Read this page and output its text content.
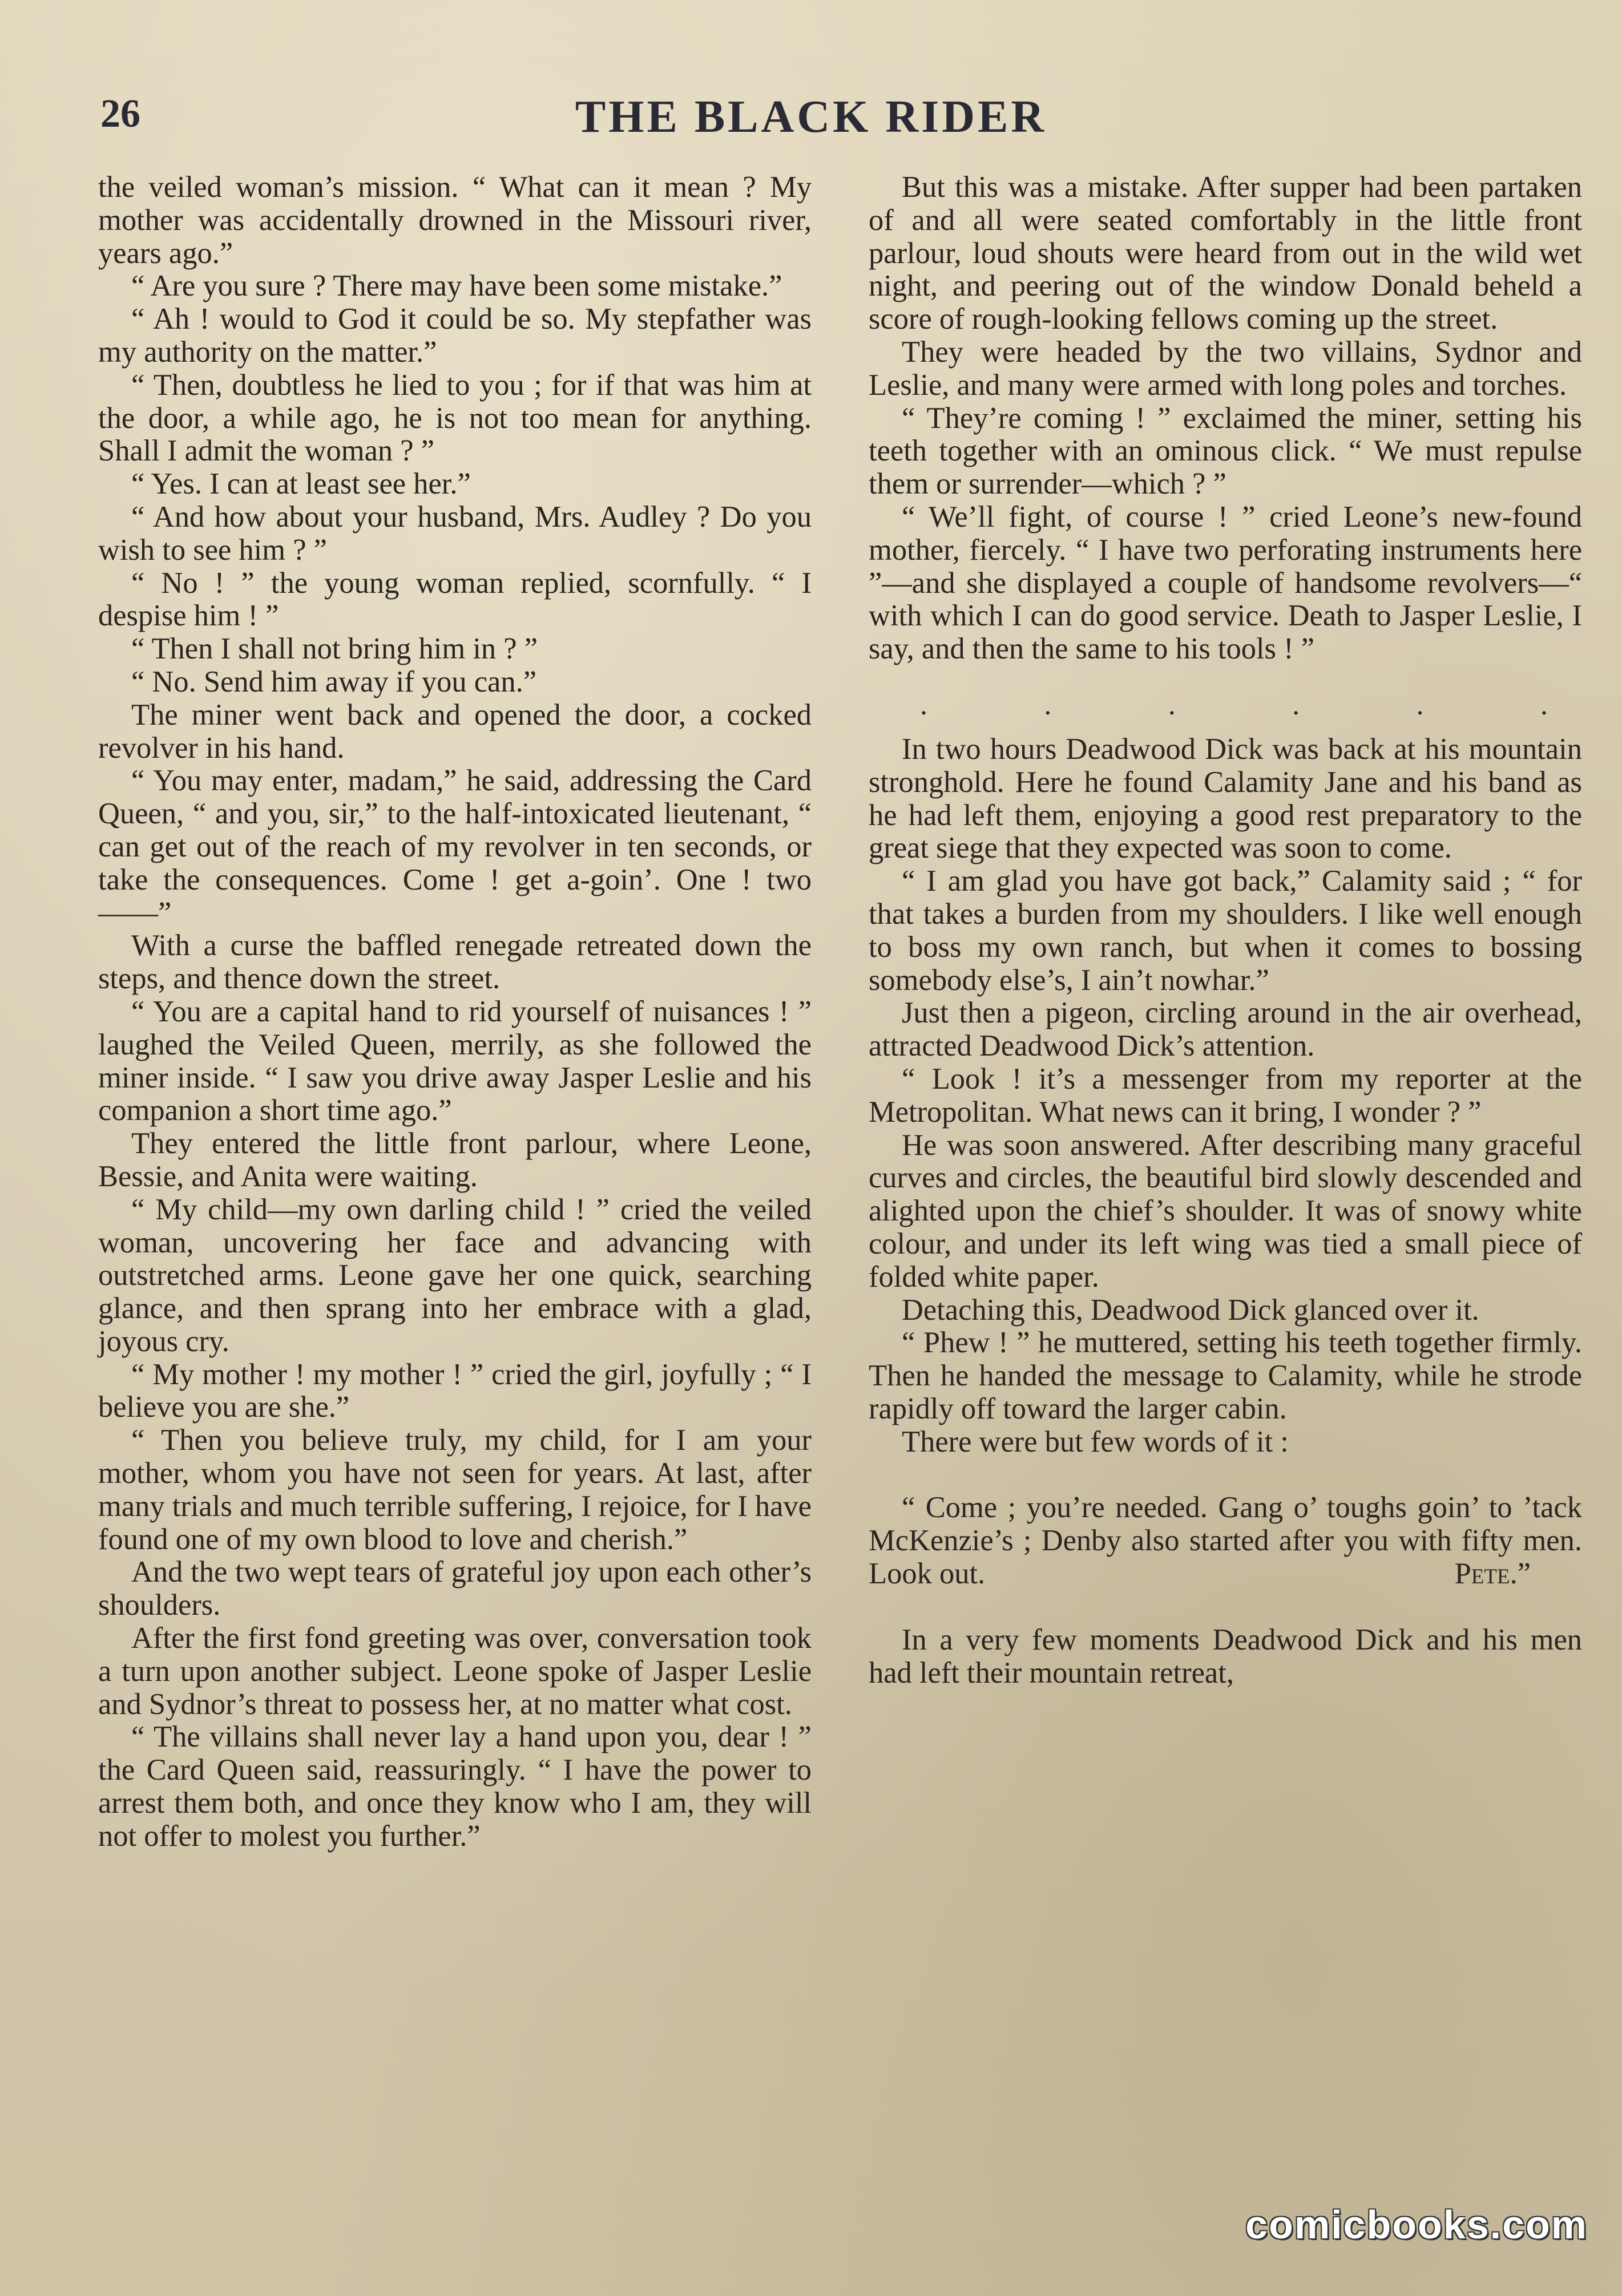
26	THE BLACK RIDER

the veiled woman’s mission. “ What can it mean ? My mother was accidentally drowned in the Missouri river, years ago.”

“ Are you sure ? There may have been some mistake.”

“ Ah ! would to God it could be so. My stepfather was my authority on the matter.”

“ Then, doubtless he lied to you ; for if that was him at the door, a while ago, he is not too mean for anything. Shall I admit the woman ? ”

“ Yes. I can at least see her.”

“ And how about your husband, Mrs. Audley ? Do you wish to see him ? ”

“ No ! ” the young woman replied, scornfully. “ I despise him ! ”

“ Then I shall not bring him in ? ”

“ No. Send him away if you can.”

The miner went back and opened the door, a cocked revolver in his hand.

“ You may enter, madam,” he said, addressing the Card Queen, “ and you, sir,” to the half-intoxicated lieutenant, “ can get out of the reach of my revolver in ten seconds, or take the consequences. Come ! get a-goin’. One ! two——”

With a curse the baffled renegade retreated down the steps, and thence down the street.

“ You are a capital hand to rid yourself of nuisances ! ” laughed the Veiled Queen, merrily, as she followed the miner inside. “ I saw you drive away Jasper Leslie and his companion a short time ago.”

They entered the little front parlour, where Leone, Bessie, and Anita were waiting.

“ My child—my own darling child ! ” cried the veiled woman, uncovering her face and advancing with outstretched arms. Leone gave her one quick, searching glance, and then sprang into her embrace with a glad, joyous cry.

“ My mother ! my mother ! ” cried the girl, joyfully ; “ I believe you are she.”

“ Then you believe truly, my child, for I am your mother, whom you have not seen for years. At last, after many trials and much terrible suffering, I rejoice, for I have found one of my own blood to love and cherish.”

And the two wept tears of grateful joy upon each other’s shoulders.

After the first fond greeting was over, conversation took a turn upon another subject. Leone spoke of Jasper Leslie and Sydnor’s threat to possess her, at no matter what cost.

“ The villains shall never lay a hand upon you, dear ! ” the Card Queen said, reassuringly. “ I have the power to arrest them both, and once they know who I am, they will not offer to molest you further.”

But this was a mistake. After supper had been partaken of and all were seated comfortably in the little front parlour, loud shouts were heard from out in the wild wet night, and peering out of the window Donald beheld a score of rough-looking fellows coming up the street.

They were headed by the two villains, Sydnor and Leslie, and many were armed with long poles and torches.

“ They’re coming ! ” exclaimed the miner, setting his teeth together with an ominous click. “ We must repulse them or surrender—which ? ”

“ We’ll fight, of course ! ” cried Leone’s new-found mother, fiercely. “ I have two perforating instruments here ”—and she displayed a couple of handsome revolvers—“ with which I can do good service. Death to Jasper Leslie, I say, and then the same to his tools ! ”

.	.	.	.	.	.

In two hours Deadwood Dick was back at his mountain stronghold. Here he found Calamity Jane and his band as he had left them, enjoying a good rest preparatory to the great siege that they expected was soon to come.

“ I am glad you have got back,” Calamity said ; “ for that takes a burden from my shoulders. I like well enough to boss my own ranch, but when it comes to bossing somebody else’s, I ain’t nowhar.”

Just then a pigeon, circling around in the air overhead, attracted Deadwood Dick’s attention.

“ Look ! it’s a messenger from my reporter at the Metropolitan. What news can it bring, I wonder ? ”

He was soon answered. After describing many graceful curves and circles, the beautiful bird slowly descended and alighted upon the chief’s shoulder. It was of snowy white colour, and under its left wing was tied a small piece of folded white paper.

Detaching this, Deadwood Dick glanced over it.

“ Phew ! ” he muttered, setting his teeth together firmly. Then he handed the message to Calamity, while he strode rapidly off toward the larger cabin.

There were but few words of it :

“ Come ; you’re needed. Gang o’ toughs goin’ to ’tack McKenzie’s ; Denby also started after you with fifty men. Look out.	Pete.”

In a very few moments Deadwood Dick and his men had left their mountain retreat,

comicbooks.com
